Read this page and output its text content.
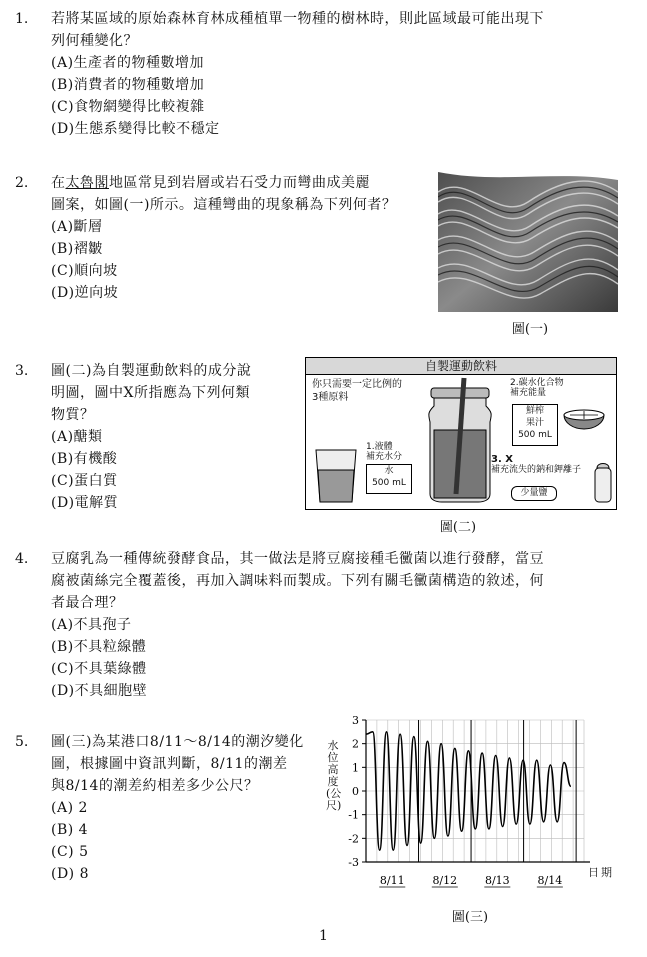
1. 若將某區域的原始森林育林成種植單一物種的樹林時，則此區域最可能出現下
列何種變化？
(A)生產者的物種數增加
(B)消費者的物種數增加
(C)食物網變得比較複雜
(D)生態系變得比較不穩定
2. 在太魯閣地區常見到岩層或岩石受力而彎曲成美麗
圖案，如圖(一)所示。這種彎曲的現象稱為下列何者？
(A)斷層
(B)褶皺
(C)順向坡
(D)逆向坡
圖(一)
3. 圖(二)為自製運動飲料的成分說
明圖，圖中X所指應為下列何類
物質？
(A)醣類
(B)有機酸
(C)蛋白質
(D)電解質
自製運動飲料
你只需要一定比例的
3種原料
1.液體
補充水分
水
500 mL
2.碳水化合物
補充能量
鮮榨
果汁
500 mL
3. X
補充流失的鈉和鉀離子
少量鹽
圖(二)
4. 豆腐乳為一種傳統發酵食品，其一做法是將豆腐接種毛黴菌以進行發酵，當豆
腐被菌絲完全覆蓋後，再加入調味料而製成。下列有關毛黴菌構造的敘述，何
者最合理？
(A)不具孢子
(B)不具粒線體
(C)不具葉綠體
(D)不具細胞壁
5. 圖(三)為某港口8/11～8/14的潮汐變化
圖，根據圖中資訊判斷，8/11的潮差
與8/14的潮差約相差多少公尺？
(A) 2
(B) 4
(C) 5
(D) 8
3
2
1
0
-1
-2
-3
8/11	8/12	8/13	8/14
水位高度(公尺)
日期
圖(三)
1
